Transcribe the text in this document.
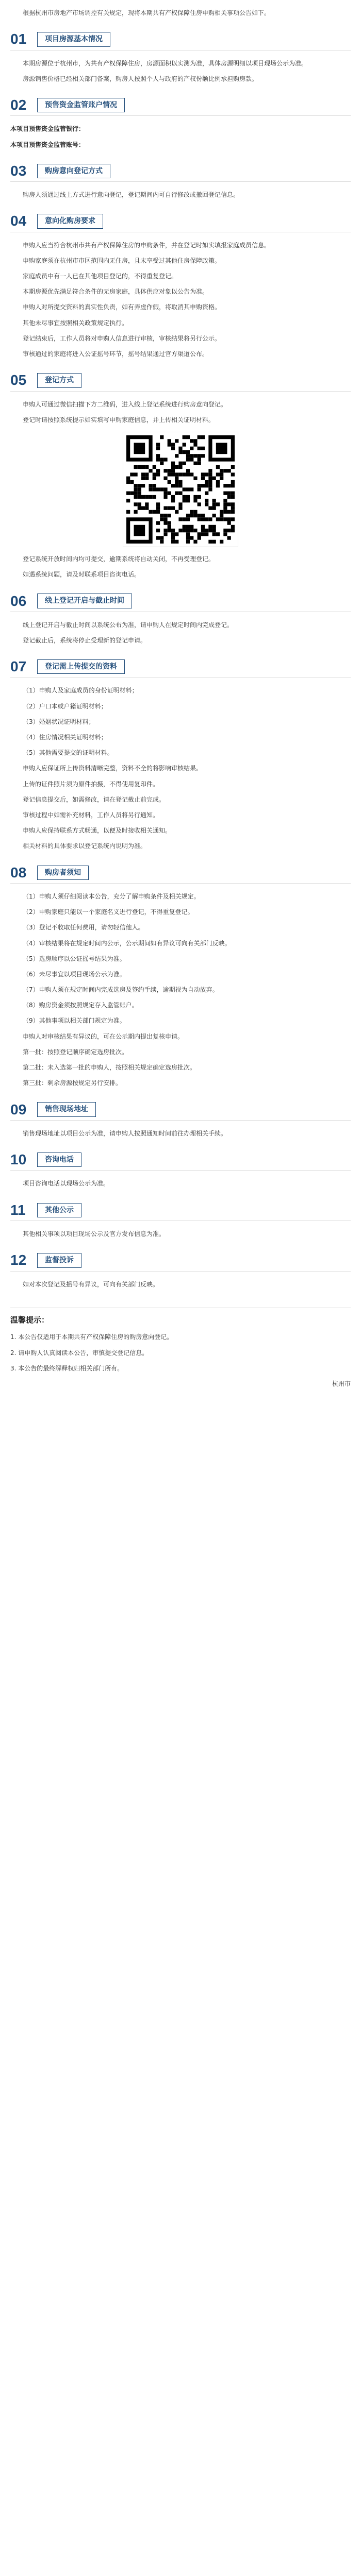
根据杭州市房地产市场调控有关规定，现将本期共有产权保障住房申购相关事项公告如下。

01	项目房源基本情况

本期房源位于杭州市，为共有产权保障住房，房源面积以实测为准，具体房源明细以项目现场公示为准。

房源销售价格已经相关部门备案，购房人按照个人与政府的产权份额比例承担购房款。

02	预售资金监管账户情况

本项目预售资金监管银行：

本项目预售资金监管账号：

03	购房意向登记方式

购房人须通过线上方式进行意向登记，登记期间内可自行修改或撤回登记信息。

04	意向化购房要求

申购人应当符合杭州市共有产权保障住房的申购条件，并在登记时如实填报家庭成员信息。

申购家庭须在杭州市市区范围内无住房，且未享受过其他住房保障政策。

家庭成员中有一人已在其他项目登记的，不得重复登记。

本期房源优先满足符合条件的无房家庭，具体供应对象以公告为准。

申购人对所提交资料的真实性负责，如有弄虚作假，将取消其申购资格。

其他未尽事宜按照相关政策规定执行。

登记结束后，工作人员将对申购人信息进行审核，审核结果将另行公示。

审核通过的家庭将进入公证摇号环节，摇号结果通过官方渠道公布。

05	登记方式

申购人可通过微信扫描下方二维码，进入线上登记系统进行购房意向登记。

登记时请按照系统提示如实填写申购家庭信息，并上传相关证明材料。

登记系统开放时间内均可提交，逾期系统将自动关闭，不再受理登记。

如遇系统问题，请及时联系项目咨询电话。

06	线上登记开启与截止时间

线上登记开启与截止时间以系统公布为准，请申购人在规定时间内完成登记。

登记截止后，系统将停止受理新的登记申请。

07	登记需上传提交的资料

（1）申购人及家庭成员的身份证明材料；

（2）户口本或户籍证明材料；

（3）婚姻状况证明材料；

（4）住房情况相关证明材料；

（5）其他需要提交的证明材料。

申购人应保证所上传资料清晰完整，资料不全的将影响审核结果。

上传的证件照片须为原件拍摄，不得使用复印件。

登记信息提交后，如需修改，请在登记截止前完成。

审核过程中如需补充材料，工作人员将另行通知。

申购人应保持联系方式畅通，以便及时接收相关通知。

相关材料的具体要求以登记系统内说明为准。

08	购房者须知

（1）申购人须仔细阅读本公告，充分了解申购条件及相关规定。

（2）申购家庭只能以一个家庭名义进行登记，不得重复登记。

（3）登记不收取任何费用，请勿轻信他人。

（4）审核结果将在规定时间内公示，公示期间如有异议可向有关部门反映。

（5）选房顺序以公证摇号结果为准。

（6）未尽事宜以项目现场公示为准。

（7）申购人须在规定时间内完成选房及签约手续，逾期视为自动放弃。

（8）购房资金须按照规定存入监管账户。

（9）其他事项以相关部门规定为准。

申购人对审核结果有异议的，可在公示期内提出复核申请。

第一批：按照登记顺序确定选房批次。

第二批：未入选第一批的申购人，按照相关规定确定选房批次。

第三批：剩余房源按规定另行安排。

09	销售现场地址

销售现场地址以项目公示为准，请申购人按照通知时间前往办理相关手续。

10	咨询电话

项目咨询电话以现场公示为准。

11	其他公示

其他相关事项以项目现场公示及官方发布信息为准。

12	监督投诉

如对本次登记及摇号有异议，可向有关部门反映。

温馨提示：

1. 本公告仅适用于本期共有产权保障住房的购房意向登记。

2. 请申购人认真阅读本公告，审慎提交登记信息。

3. 本公告的最终解释权归相关部门所有。

杭州市
